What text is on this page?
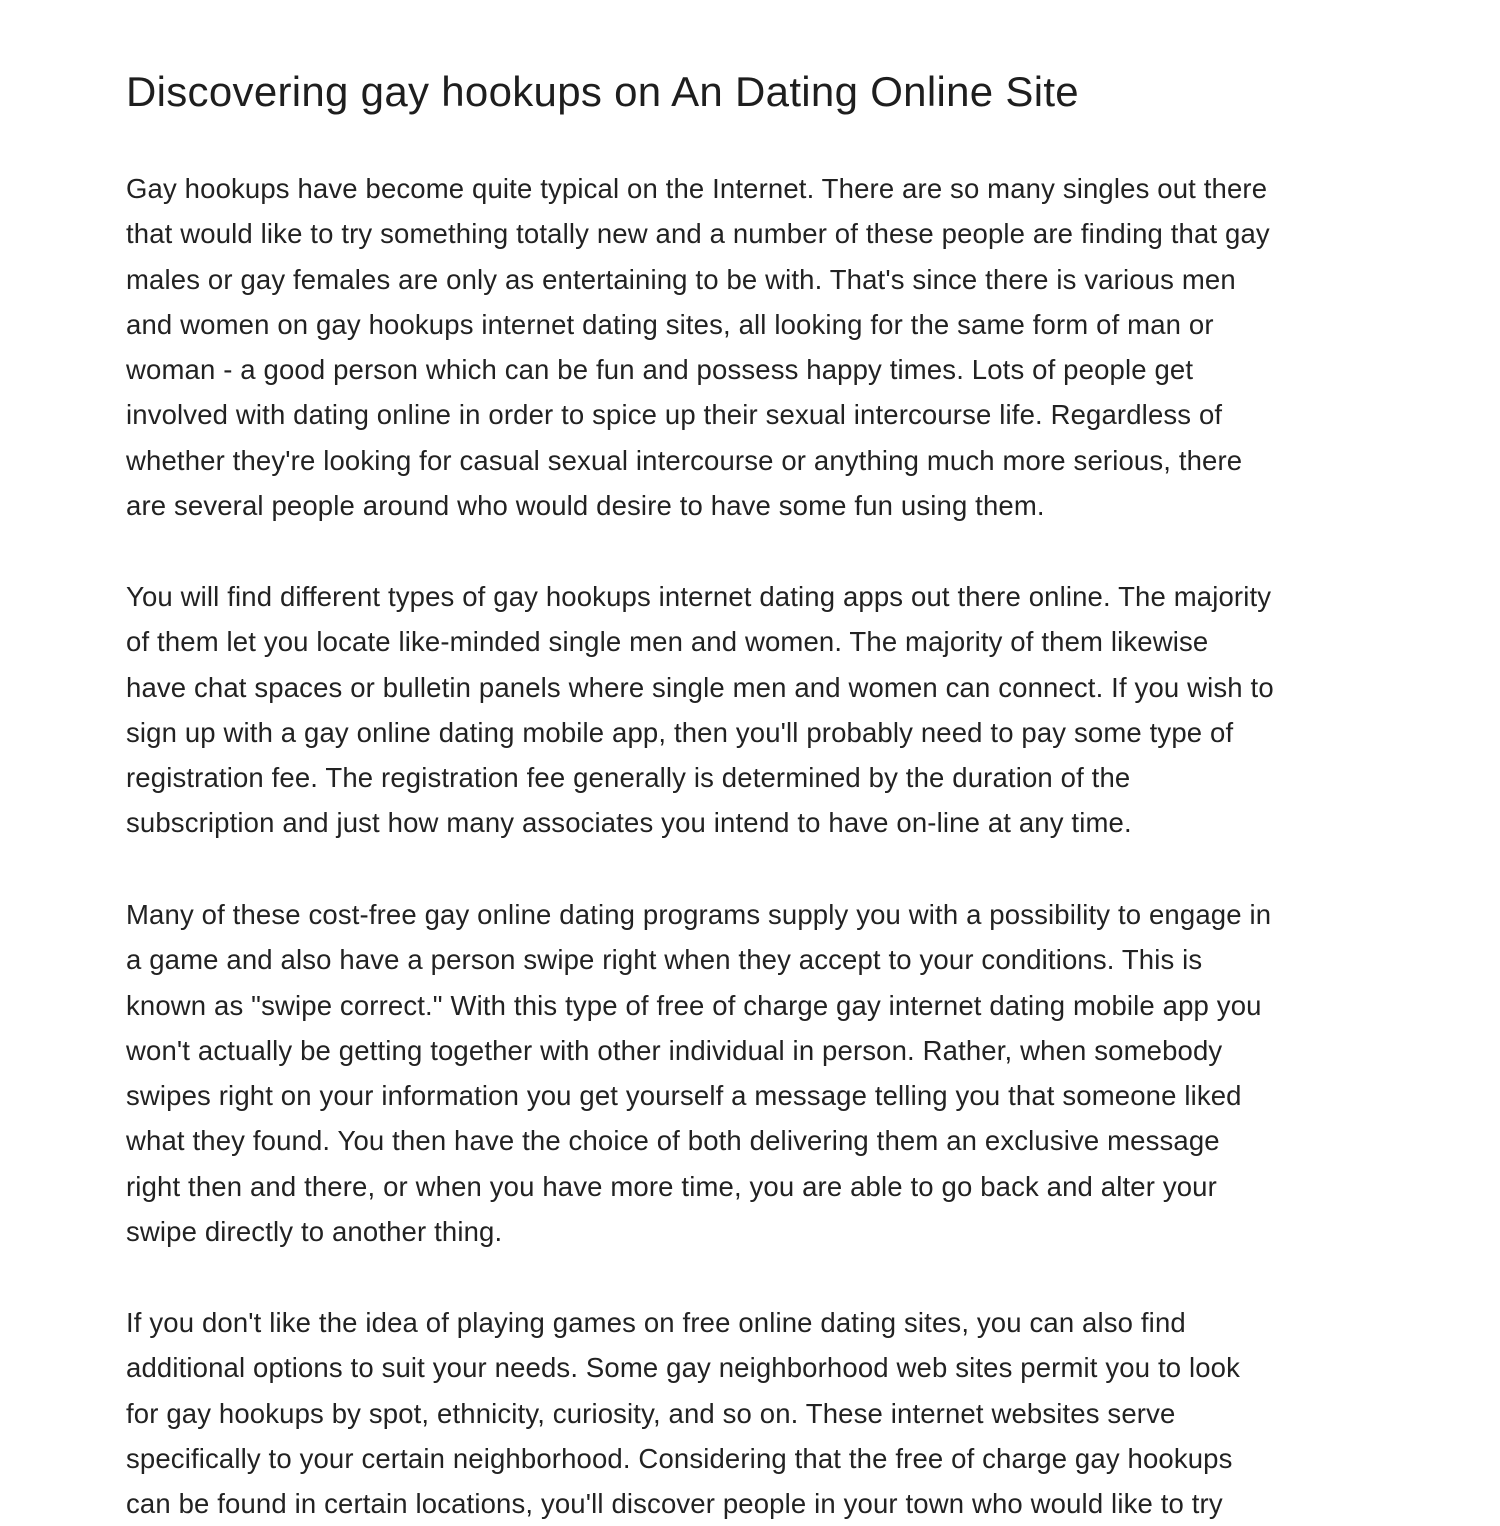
Discovering gay hookups on An Dating Online Site

Gay hookups have become quite typical on the Internet. There are so many singles out there
that would like to try something totally new and a number of these people are finding that gay
males or gay females are only as entertaining to be with. That's since there is various men
and women on gay hookups internet dating sites, all looking for the same form of man or
woman - a good person which can be fun and possess happy times. Lots of people get
involved with dating online in order to spice up their sexual intercourse life. Regardless of
whether they're looking for casual sexual intercourse or anything much more serious, there
are several people around who would desire to have some fun using them.

You will find different types of gay hookups internet dating apps out there online. The majority
of them let you locate like-minded single men and women. The majority of them likewise
have chat spaces or bulletin panels where single men and women can connect. If you wish to
sign up with a gay online dating mobile app, then you'll probably need to pay some type of
registration fee. The registration fee generally is determined by the duration of the
subscription and just how many associates you intend to have on-line at any time.

Many of these cost-free gay online dating programs supply you with a possibility to engage in
a game and also have a person swipe right when they accept to your conditions. This is
known as "swipe correct." With this type of free of charge gay internet dating mobile app you
won't actually be getting together with other individual in person. Rather, when somebody
swipes right on your information you get yourself a message telling you that someone liked
what they found. You then have the choice of both delivering them an exclusive message
right then and there, or when you have more time, you are able to go back and alter your
swipe directly to another thing.

If you don't like the idea of playing games on free online dating sites, you can also find
additional options to suit your needs. Some gay neighborhood web sites permit you to look
for gay hookups by spot, ethnicity, curiosity, and so on. These internet websites serve
specifically to your certain neighborhood. Considering that the free of charge gay hookups
can be found in certain locations, you'll discover people in your town who would like to try
